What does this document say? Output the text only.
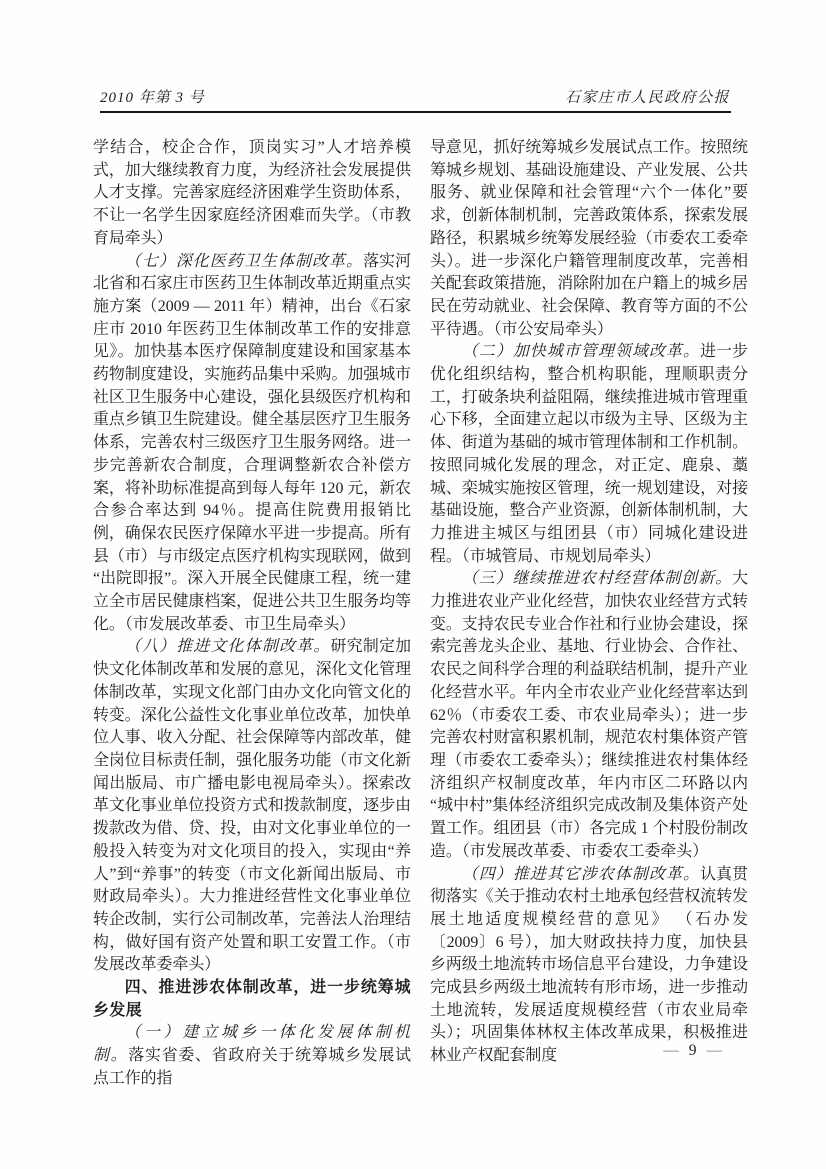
2010 年第 3 号	石家庄市人民政府公报

学结合，校企合作，顶岗实习”人才培养模式，加大继续教育力度，为经济社会发展提供人才支撑。完善家庭经济困难学生资助体系，不让一名学生因家庭经济困难而失学。（市教育局牵头）

（七）深化医药卫生体制改革。落实河北省和石家庄市医药卫生体制改革近期重点实施方案（2009 — 2011 年）精神，出台《石家庄市 2010 年医药卫生体制改革工作的安排意见》。加快基本医疗保障制度建设和国家基本药物制度建设，实施药品集中采购。加强城市社区卫生服务中心建设，强化县级医疗机构和重点乡镇卫生院建设。健全基层医疗卫生服务体系，完善农村三级医疗卫生服务网络。进一步完善新农合制度，合理调整新农合补偿方案，将补助标准提高到每人每年 120 元，新农合参合率达到 94％。提高住院费用报销比例，确保农民医疗保障水平进一步提高。所有县（市）与市级定点医疗机构实现联网，做到“出院即报”。深入开展全民健康工程，统一建立全市居民健康档案，促进公共卫生服务均等化。（市发展改革委、市卫生局牵头）

（八）推进文化体制改革。研究制定加快文化体制改革和发展的意见，深化文化管理体制改革，实现文化部门由办文化向管文化的转变。深化公益性文化事业单位改革，加快单位人事、收入分配、社会保障等内部改革，健全岗位目标责任制，强化服务功能（市文化新闻出版局、市广播电影电视局牵头）。探索改革文化事业单位投资方式和拨款制度，逐步由拨款改为借、贷、投，由对文化事业单位的一般投入转变为对文化项目的投入，实现由“养人”到“养事”的转变（市文化新闻出版局、市财政局牵头）。大力推进经营性文化事业单位转企改制，实行公司制改革，完善法人治理结构，做好国有资产处置和职工安置工作。（市发展改革委牵头）

四、推进涉农体制改革，进一步统筹城乡发展

（一）建立城乡一体化发展体制机制。落实省委、省政府关于统筹城乡发展试点工作的指

导意见，抓好统筹城乡发展试点工作。按照统筹城乡规划、基础设施建设、产业发展、公共服务、就业保障和社会管理“六个一体化”要求，创新体制机制，完善政策体系，探索发展路径，积累城乡统筹发展经验（市委农工委牵头）。进一步深化户籍管理制度改革，完善相关配套政策措施，消除附加在户籍上的城乡居民在劳动就业、社会保障、教育等方面的不公平待遇。（市公安局牵头）

（二）加快城市管理领域改革。进一步优化组织结构，整合机构职能，理顺职责分工，打破条块利益阻隔，继续推进城市管理重心下移，全面建立起以市级为主导、区级为主体、街道为基础的城市管理体制和工作机制。按照同城化发展的理念，对正定、鹿泉、藁城、栾城实施按区管理，统一规划建设，对接基础设施，整合产业资源，创新体制机制，大力推进主城区与组团县（市）同城化建设进程。（市城管局、市规划局牵头）

（三）继续推进农村经营体制创新。大力推进农业产业化经营，加快农业经营方式转变。支持农民专业合作社和行业协会建设，探索完善龙头企业、基地、行业协会、合作社、农民之间科学合理的利益联结机制，提升产业化经营水平。年内全市农业产业化经营率达到 62％（市委农工委、市农业局牵头）；进一步完善农村财富积累机制，规范农村集体资产管理（市委农工委牵头）；继续推进农村集体经济组织产权制度改革，年内市区二环路以内“城中村”集体经济组织完成改制及集体资产处置工作。组团县（市）各完成 1 个村股份制改造。（市发展改革委、市委农工委牵头）

（四）推进其它涉农体制改革。认真贯彻落实《关于推动农村土地承包经营权流转发展土地适度规模经营的意见》 （石办发〔2009〕6 号），加大财政扶持力度，加快县乡两级土地流转市场信息平台建设，力争建设完成县乡两级土地流转有形市场，进一步推动土地流转，发展适度规模经营（市农业局牵头）；巩固集体林权主体改革成果，积极推进林业产权配套制度	— 9 —
